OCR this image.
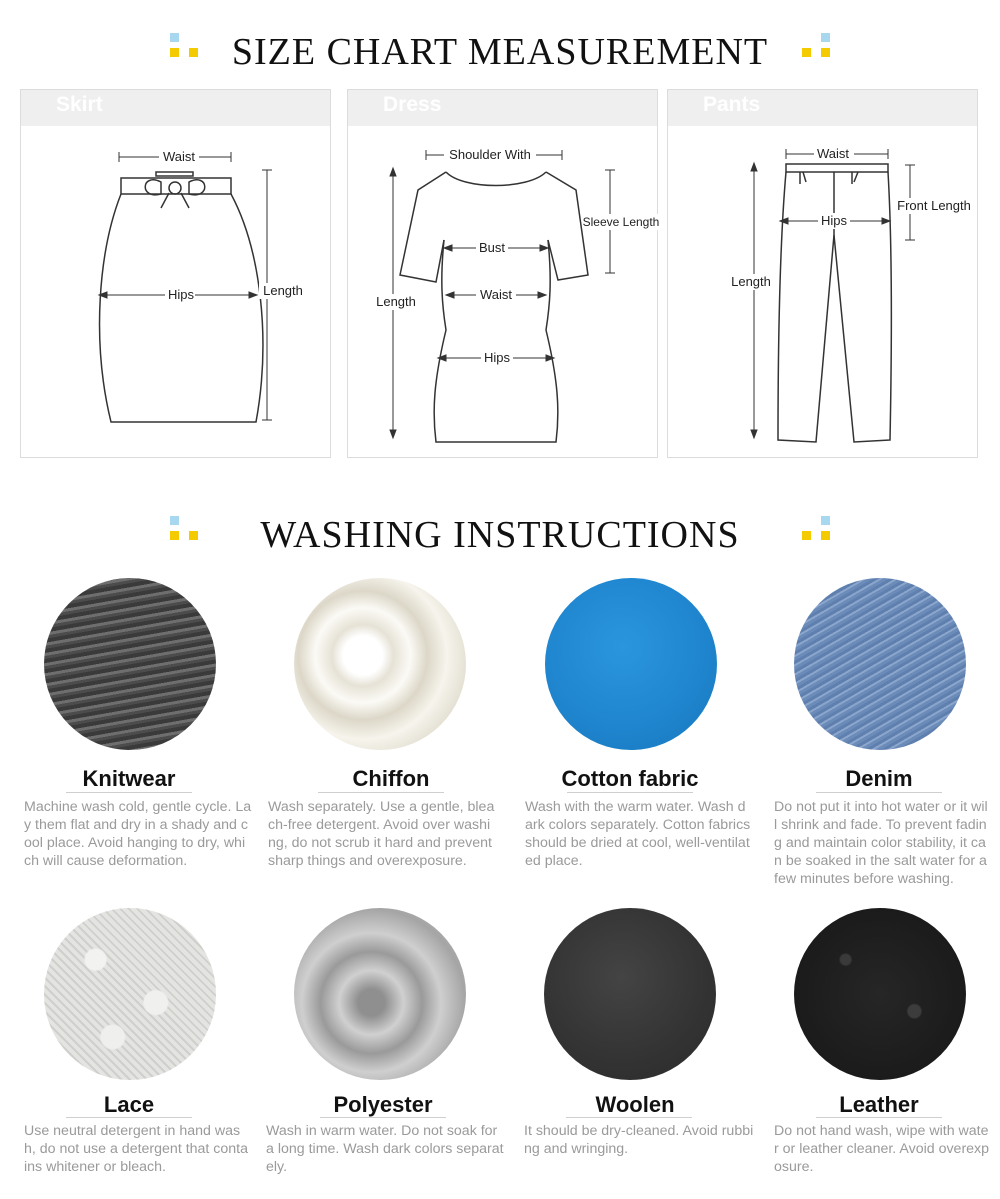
SIZE CHART MEASUREMENT
Skirt
Waist
Hips	Length
Dress
Shoulder With
Sleeve Length
Bust
Waist
Hips
Length
Pants
Waist
Hips
Front Length
Length
WASHING INSTRUCTIONS
Knitwear
Machine wash cold, gentle cycle. Lay them flat and dry in a shady and cool place. Avoid hanging to dry, which will cause deformation.
Chiffon
Wash separately. Use a gentle, bleach-free detergent. Avoid over washing, do not scrub it hard and prevent sharp things and overexposure.
Cotton fabric
Wash with the warm water. Wash dark colors separately. Cotton fabrics should be dried at cool, well-ventilated place.
Denim
Do not put it into hot water or it will shrink and fade. To prevent fading and maintain color stability, it can be soaked in the salt water for a few minutes before washing.
Lace
Use neutral detergent in hand wash, do not use a detergent that contains whitener or bleach.
Polyester
Wash in warm water. Do not soak for a long time. Wash dark colors separately.
Woolen
It should be dry-cleaned. Avoid rubbing and wringing.
Leather
Do not hand wash, wipe with water or leather cleaner. Avoid overexposure.
